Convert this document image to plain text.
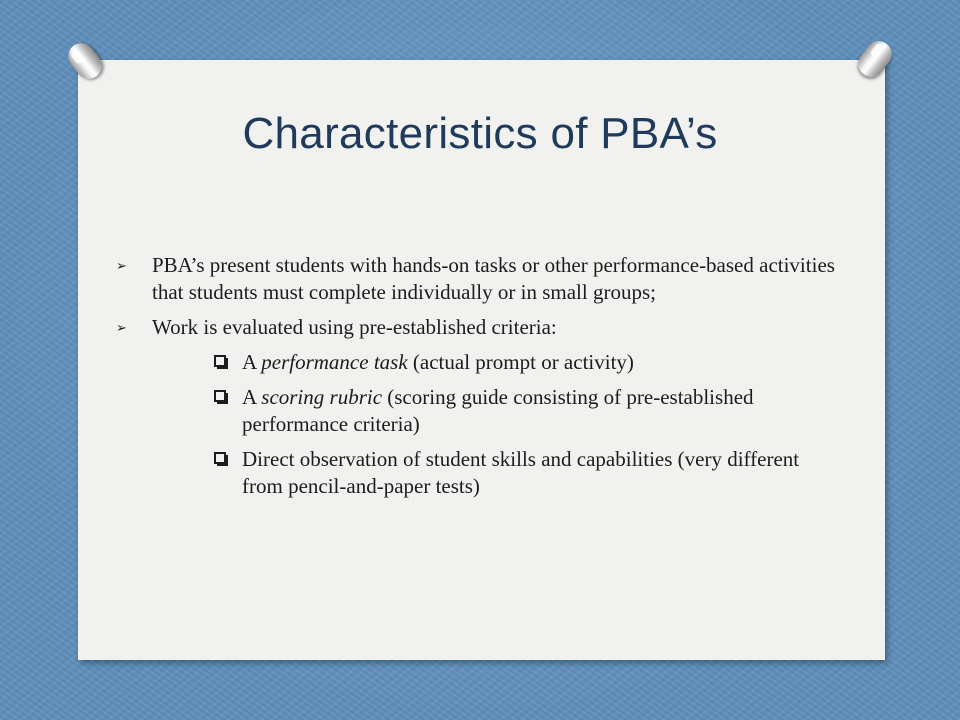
Characteristics of PBA’s
➢ PBA’s present students with hands-on tasks or other performance-based activities that students must complete individually or in small groups;
➢ Work is evaluated using pre-established criteria:
A performance task (actual prompt or activity)
A scoring rubric (scoring guide consisting of pre-established performance criteria)
Direct observation of student skills and capabilities (very different from pencil-and-paper tests)
